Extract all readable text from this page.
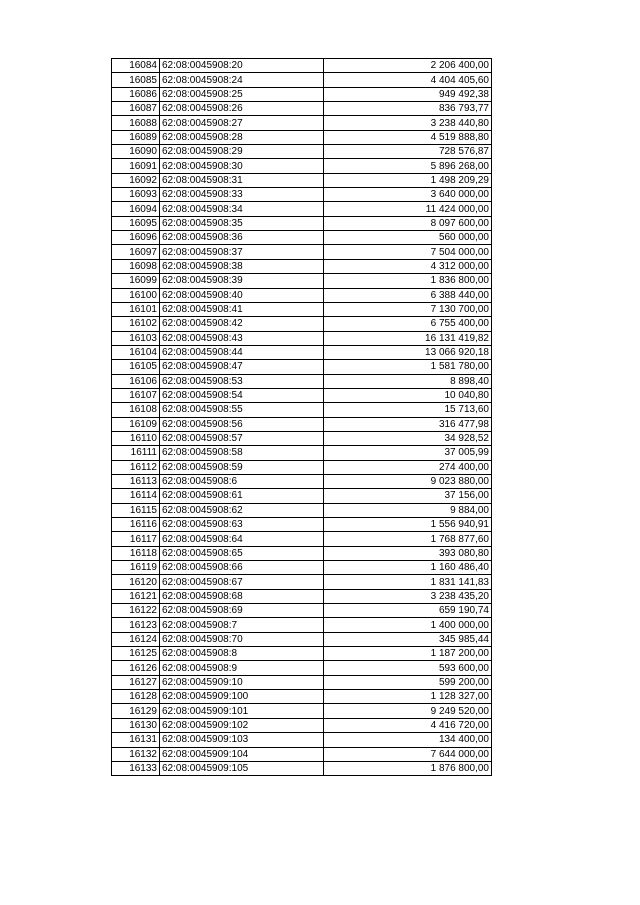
16084	62:08:0045908:20	2 206 400,00
16085	62:08:0045908:24	4 404 405,60
16086	62:08:0045908:25	949 492,38
16087	62:08:0045908:26	836 793,77
16088	62:08:0045908:27	3 238 440,80
16089	62:08:0045908:28	4 519 888,80
16090	62:08:0045908:29	728 576,87
16091	62:08:0045908:30	5 896 268,00
16092	62:08:0045908:31	1 498 209,29
16093	62:08:0045908:33	3 640 000,00
16094	62:08:0045908:34	11 424 000,00
16095	62:08:0045908:35	8 097 600,00
16096	62:08:0045908:36	560 000,00
16097	62:08:0045908:37	7 504 000,00
16098	62:08:0045908:38	4 312 000,00
16099	62:08:0045908:39	1 836 800,00
16100	62:08:0045908:40	6 388 440,00
16101	62:08:0045908:41	7 130 700,00
16102	62:08:0045908:42	6 755 400,00
16103	62:08:0045908:43	16 131 419,82
16104	62:08:0045908:44	13 066 920,18
16105	62:08:0045908:47	1 581 780,00
16106	62:08:0045908:53	8 898,40
16107	62:08:0045908:54	10 040,80
16108	62:08:0045908:55	15 713,60
16109	62:08:0045908:56	316 477,98
16110	62:08:0045908:57	34 928,52
16111	62:08:0045908:58	37 005,99
16112	62:08:0045908:59	274 400,00
16113	62:08:0045908:6	9 023 880,00
16114	62:08:0045908:61	37 156,00
16115	62:08:0045908:62	9 884,00
16116	62:08:0045908:63	1 556 940,91
16117	62:08:0045908:64	1 768 877,60
16118	62:08:0045908:65	393 080,80
16119	62:08:0045908:66	1 160 486,40
16120	62:08:0045908:67	1 831 141,83
16121	62:08:0045908:68	3 238 435,20
16122	62:08:0045908:69	659 190,74
16123	62:08:0045908:7	1 400 000,00
16124	62:08:0045908:70	345 985,44
16125	62:08:0045908:8	1 187 200,00
16126	62:08:0045908:9	593 600,00
16127	62:08:0045909:10	599 200,00
16128	62:08:0045909:100	1 128 327,00
16129	62:08:0045909:101	9 249 520,00
16130	62:08:0045909:102	4 416 720,00
16131	62:08:0045909:103	134 400,00
16132	62:08:0045909:104	7 644 000,00
16133	62:08:0045909:105	1 876 800,00
